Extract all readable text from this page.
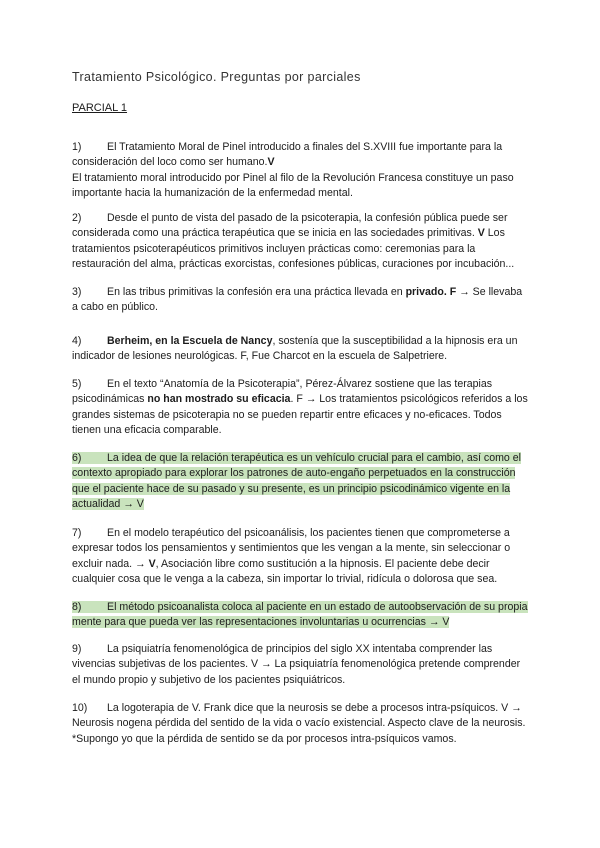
Tratamiento Psicológico. Preguntas por parciales
PARCIAL 1

1) El Tratamiento Moral de Pinel introducido a finales del S.XVIII fue importante para la consideración del loco como ser humano.V

El tratamiento moral introducido por Pinel al filo de la Revolución Francesa constituye un paso importante hacia la humanización de la enfermedad mental.

2) Desde el punto de vista del pasado de la psicoterapia, la confesión pública puede ser considerada como una práctica terapéutica que se inicia en las sociedades primitivas. V Los tratamientos psicoterapéuticos primitivos incluyen prácticas como: ceremonias para la restauración del alma, prácticas exorcistas, confesiones públicas, curaciones por incubación...

3) En las tribus primitivas la confesión era una práctica llevada en privado. F → Se llevaba a cabo en público.

4) Berheim, en la Escuela de Nancy, sostenía que la susceptibilidad a la hipnosis era un indicador de lesiones neurológicas. F, Fue Charcot en la escuela de Salpetriere.

5) En el texto “Anatomía de la Psicoterapia”, Pérez-Álvarez sostiene que las terapias psicodinámicas no han mostrado su eficacia. F → Los tratamientos psicológicos referidos a los grandes sistemas de psicoterapia no se pueden repartir entre eficaces y no-eficaces. Todos tienen una eficacia comparable.

6) La idea de que la relación terapéutica es un vehículo crucial para el cambio, así como el contexto apropiado para explorar los patrones de auto-engaño perpetuados en la construcción que el paciente hace de su pasado y su presente, es un principio psicodinámico vigente en la actualidad → V

7) En el modelo terapéutico del psicoanálisis, los pacientes tienen que comprometerse a expresar todos los pensamientos y sentimientos que les vengan a la mente, sin seleccionar o excluir nada. → V, Asociación libre como sustitución a la hipnosis. El paciente debe decir cualquier cosa que le venga a la cabeza, sin importar lo trivial, ridícula o dolorosa que sea.

8) El método psicoanalista coloca al paciente en un estado de autoobservación de su propia mente para que pueda ver las representaciones involuntarias u ocurrencias → V

9) La psiquiatría fenomenológica de principios del siglo XX intentaba comprender las vivencias subjetivas de los pacientes. V → La psiquiatría fenomenológica pretende comprender el mundo propio y subjetivo de los pacientes psiquiátricos.

10) La logoterapia de V. Frank dice que la neurosis se debe a procesos intra-psíquicos. V → Neurosis nogena pérdida del sentido de la vida o vacío existencial. Aspecto clave de la neurosis.

*Supongo yo que la pérdida de sentido se da por procesos intra-psíquicos vamos.
